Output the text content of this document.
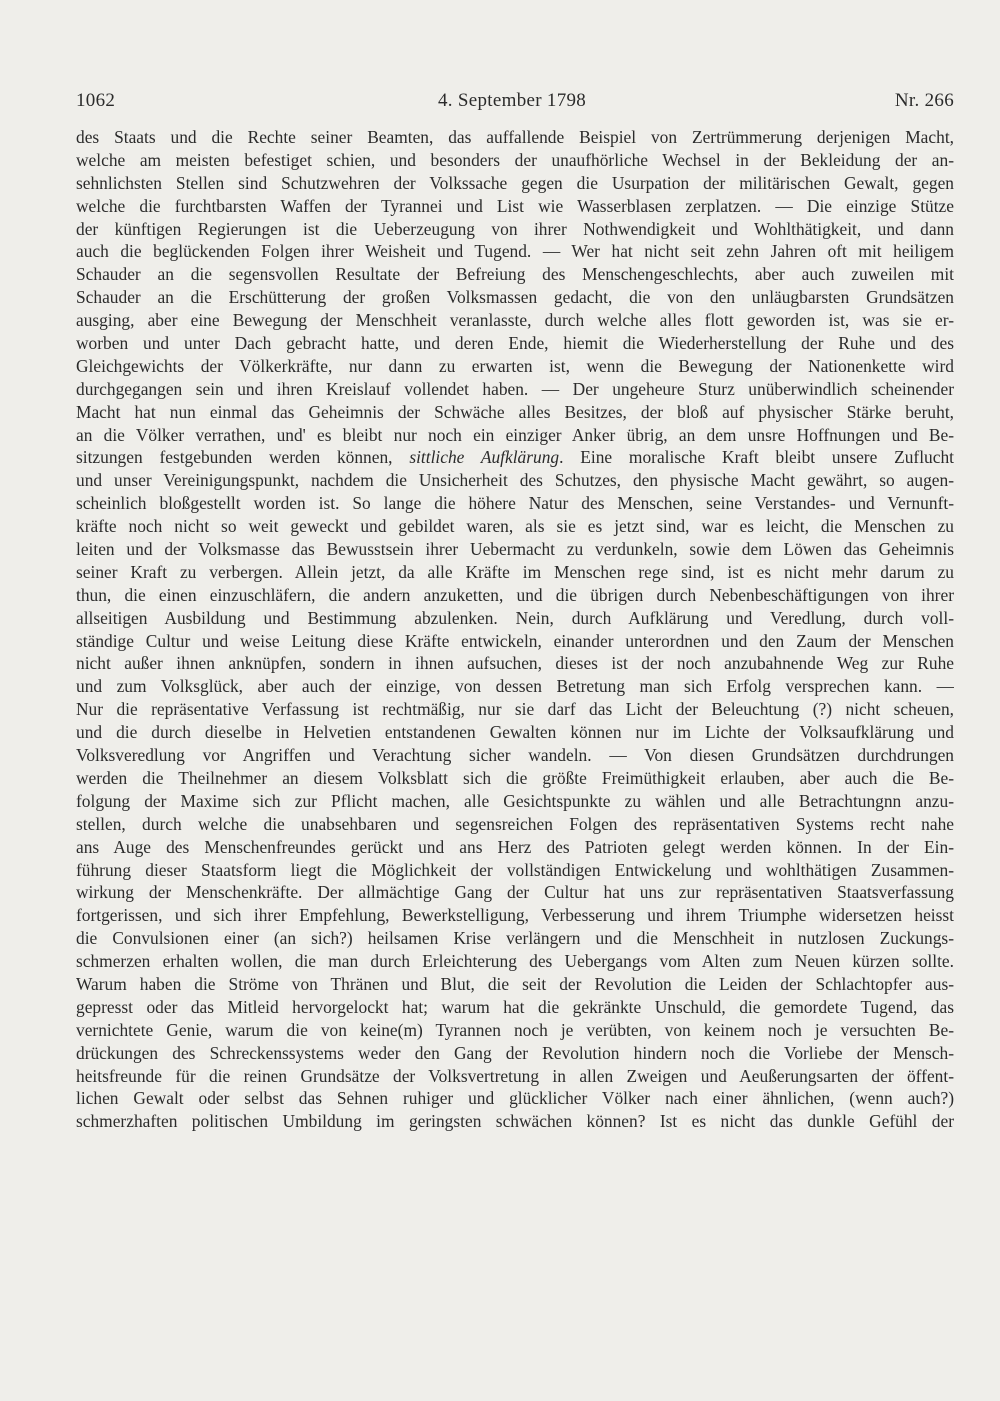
1062	4. September 1798	Nr. 266
des Staats und die Rechte seiner Beamten, das auffallende Beispiel von Zertrümmerung derjenigen Macht,
welche am meisten befestiget schien, und besonders der unaufhörliche Wechsel in der Bekleidung der an-
sehnlichsten Stellen sind Schutzwehren der Volkssache gegen die Usurpation der militärischen Gewalt, gegen
welche die furchtbarsten Waffen der Tyrannei und List wie Wasserblasen zerplatzen. — Die einzige Stütze
der künftigen Regierungen ist die Ueberzeugung von ihrer Nothwendigkeit und Wohlthätigkeit, und dann
auch die beglückenden Folgen ihrer Weisheit und Tugend. — Wer hat nicht seit zehn Jahren oft mit heiligem
Schauder an die segensvollen Resultate der Befreiung des Menschengeschlechts, aber auch zuweilen mit
Schauder an die Erschütterung der großen Volksmassen gedacht, die von den unläugbarsten Grundsätzen
ausging, aber eine Bewegung der Menschheit veranlasste, durch welche alles flott geworden ist, was sie er-
worben und unter Dach gebracht hatte, und deren Ende, hiemit die Wiederherstellung der Ruhe und des
Gleichgewichts der Völkerkräfte, nur dann zu erwarten ist, wenn die Bewegung der Nationenkette wird
durchgegangen sein und ihren Kreislauf vollendet haben. — Der ungeheure Sturz unüberwindlich scheinender
Macht hat nun einmal das Geheimnis der Schwäche alles Besitzes, der bloß auf physischer Stärke beruht,
an die Völker verrathen, und' es bleibt nur noch ein einziger Anker übrig, an dem unsre Hoffnungen und Be-
sitzungen festgebunden werden können, sittliche Aufklärung. Eine moralische Kraft bleibt unsere Zuflucht
und unser Vereinigungspunkt, nachdem die Unsicherheit des Schutzes, den physische Macht gewährt, so augen-
scheinlich bloßgestellt worden ist. So lange die höhere Natur des Menschen, seine Verstandes- und Vernunft-
kräfte noch nicht so weit geweckt und gebildet waren, als sie es jetzt sind, war es leicht, die Menschen zu
leiten und der Volksmasse das Bewusstsein ihrer Uebermacht zu verdunkeln, sowie dem Löwen das Geheimnis
seiner Kraft zu verbergen. Allein jetzt, da alle Kräfte im Menschen rege sind, ist es nicht mehr darum zu
thun, die einen einzuschläfern, die andern anzuketten, und die übrigen durch Nebenbeschäftigungen von ihrer
allseitigen Ausbildung und Bestimmung abzulenken. Nein, durch Aufklärung und Veredlung, durch voll-
ständige Cultur und weise Leitung diese Kräfte entwickeln, einander unterordnen und den Zaum der Menschen
nicht außer ihnen anknüpfen, sondern in ihnen aufsuchen, dieses ist der noch anzubahnende Weg zur Ruhe
und zum Volksglück, aber auch der einzige, von dessen Betretung man sich Erfolg versprechen kann. —
Nur die repräsentative Verfassung ist rechtmäßig, nur sie darf das Licht der Beleuchtung (?) nicht scheuen,
und die durch dieselbe in Helvetien entstandenen Gewalten können nur im Lichte der Volksaufklärung und
Volksveredlung vor Angriffen und Verachtung sicher wandeln. — Von diesen Grundsätzen durchdrungen
werden die Theilnehmer an diesem Volksblatt sich die größte Freimüthigkeit erlauben, aber auch die Be-
folgung der Maxime sich zur Pflicht machen, alle Gesichtspunkte zu wählen und alle Betrachtungnn anzu-
stellen, durch welche die unabsehbaren und segensreichen Folgen des repräsentativen Systems recht nahe
ans Auge des Menschenfreundes gerückt und ans Herz des Patrioten gelegt werden können. In der Ein-
führung dieser Staatsform liegt die Möglichkeit der vollständigen Entwickelung und wohlthätigen Zusammen-
wirkung der Menschenkräfte. Der allmächtige Gang der Cultur hat uns zur repräsentativen Staatsverfassung
fortgerissen, und sich ihrer Empfehlung, Bewerkstelligung, Verbesserung und ihrem Triumphe widersetzen heisst
die Convulsionen einer (an sich?) heilsamen Krise verlängern und die Menschheit in nutzlosen Zuckungs-
schmerzen erhalten wollen, die man durch Erleichterung des Uebergangs vom Alten zum Neuen kürzen sollte.
Warum haben die Ströme von Thränen und Blut, die seit der Revolution die Leiden der Schlachtopfer aus-
gepresst oder das Mitleid hervorgelockt hat; warum hat die gekränkte Unschuld, die gemordete Tugend, das
vernichtete Genie, warum die von keine(m) Tyrannen noch je verübten, von keinem noch je versuchten Be-
drückungen des Schreckenssystems weder den Gang der Revolution hindern noch die Vorliebe der Mensch-
heitsfreunde für die reinen Grundsätze der Volksvertretung in allen Zweigen und Aeußerungsarten der öffent-
lichen Gewalt oder selbst das Sehnen ruhiger und glücklicher Völker nach einer ähnlichen, (wenn auch?)
schmerzhaften politischen Umbildung im geringsten schwächen können? Ist es nicht das dunkle Gefühl der
